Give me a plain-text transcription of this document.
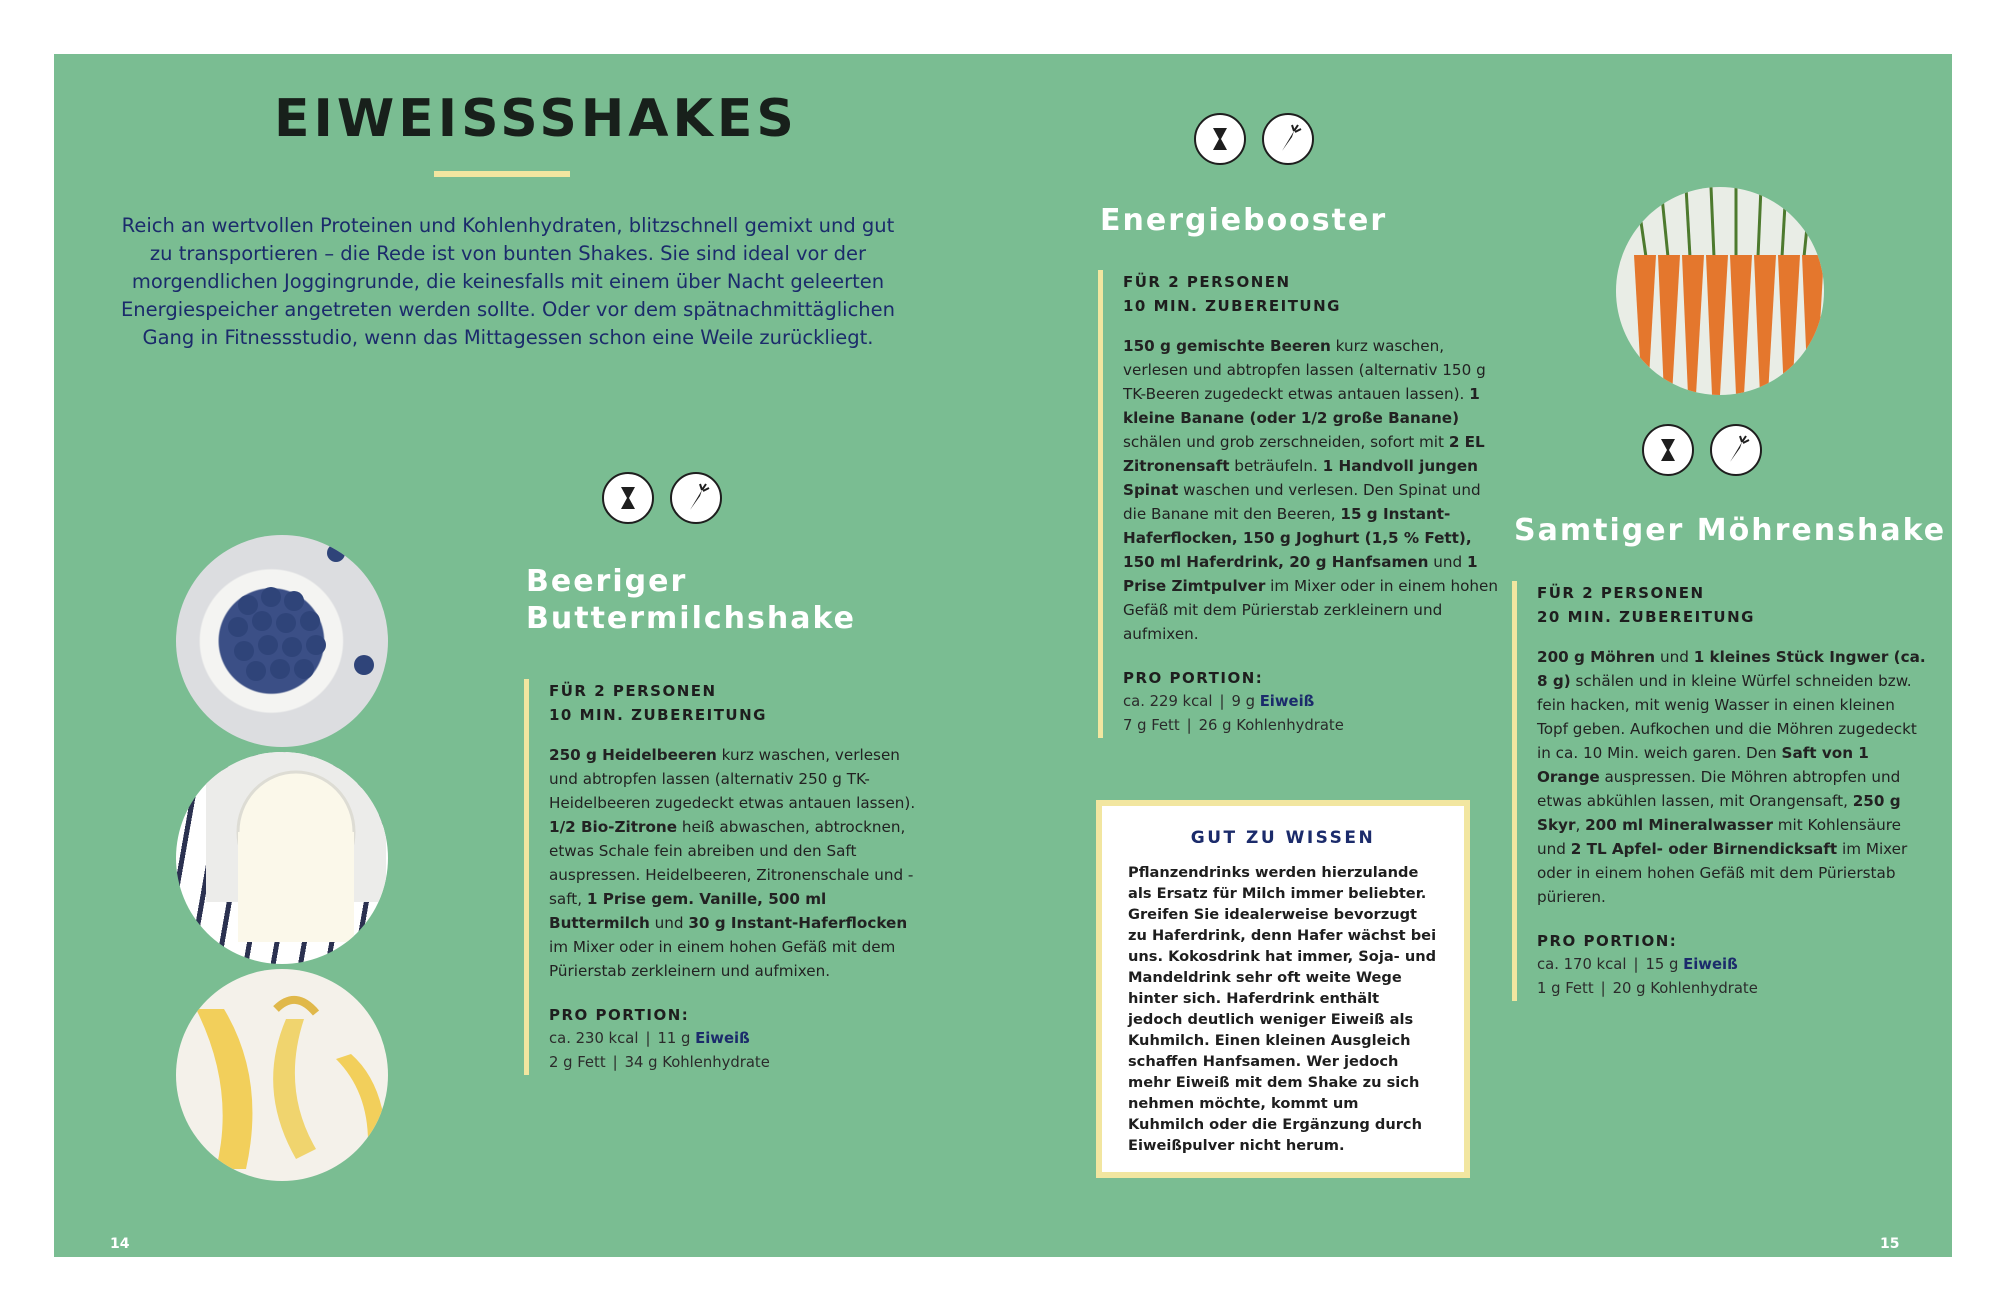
EIWEISSSHAKES
Reich an wertvollen Proteinen und Kohlenhydraten, blitzschnell gemixt und gut zu transportieren – die Rede ist von bunten Shakes. Sie sind ideal vor der morgendlichen Joggingrunde, die keinesfalls mit einem über Nacht geleerten Energiespeicher angetreten werden sollte. Oder vor dem spätnachmittäglichen Gang in Fitnessstudio, wenn das Mittagessen schon eine Weile zurückliegt.
Beeriger
Buttermilchshake
FÜR 2 PERSONEN
10 MIN. ZUBEREITUNG
250 g Heidelbeeren kurz waschen, verlesen und abtropfen lassen (alternativ 250 g TK-Heidelbeeren zugedeckt etwas antauen lassen). 1/2 Bio-Zitrone heiß abwaschen, abtrocknen, etwas Schale fein abreiben und den Saft auspressen. Heidelbeeren, Zitronenschale und -saft, 1 Prise gem. Vanille, 500 ml Buttermilch und 30 g Instant-Haferflocken im Mixer oder in einem hohen Gefäß mit dem Pürierstab zerkleinern und aufmixen.
PRO PORTION:
ca. 230 kcal | 11 g Eiweiß
2 g Fett | 34 g Kohlenhydrate
14
Energiebooster
FÜR 2 PERSONEN
10 MIN. ZUBEREITUNG
150 g gemischte Beeren kurz waschen, verlesen und abtropfen lassen (alternativ 150 g TK-Beeren zugedeckt etwas antauen lassen). 1 kleine Banane (oder 1/2 große Banane) schälen und grob zerschneiden, sofort mit 2 EL Zitronensaft beträufeln. 1 Handvoll jungen Spinat waschen und verlesen. Den Spinat und die Banane mit den Beeren, 15 g Instant-Haferflocken, 150 g Joghurt (1,5 % Fett), 150 ml Haferdrink, 20 g Hanfsamen und 1 Prise Zimtpulver im Mixer oder in einem hohen Gefäß mit dem Pürierstab zerkleinern und aufmixen.
PRO PORTION:
ca. 229 kcal | 9 g Eiweiß
7 g Fett | 26 g Kohlenhydrate
GUT ZU WISSEN
Pflanzendrinks werden hierzulande als Ersatz für Milch immer beliebter. Greifen Sie idealerweise bevorzugt zu Haferdrink, denn Hafer wächst bei uns. Kokosdrink hat immer, Soja- und Mandeldrink sehr oft weite Wege hinter sich. Haferdrink enthält jedoch deutlich weniger Eiweiß als Kuhmilch. Einen kleinen Ausgleich schaffen Hanfsamen. Wer jedoch mehr Eiweiß mit dem Shake zu sich nehmen möchte, kommt um Kuhmilch oder die Ergänzung durch Eiweißpulver nicht herum.
Samtiger Möhrenshake
FÜR 2 PERSONEN
20 MIN. ZUBEREITUNG
200 g Möhren und 1 kleines Stück Ingwer (ca. 8 g) schälen und in kleine Würfel schneiden bzw. fein hacken, mit wenig Wasser in einen kleinen Topf geben. Aufkochen und die Möhren zugedeckt in ca. 10 Min. weich garen. Den Saft von 1 Orange auspressen. Die Möhren abtropfen und etwas abkühlen lassen, mit Orangensaft, 250 g Skyr, 200 ml Mineralwasser mit Kohlensäure und 2 TL Apfel- oder Birnendicksaft im Mixer oder in einem hohen Gefäß mit dem Pürierstab pürieren.
PRO PORTION:
ca. 170 kcal | 15 g Eiweiß
1 g Fett | 20 g Kohlenhydrate
15
